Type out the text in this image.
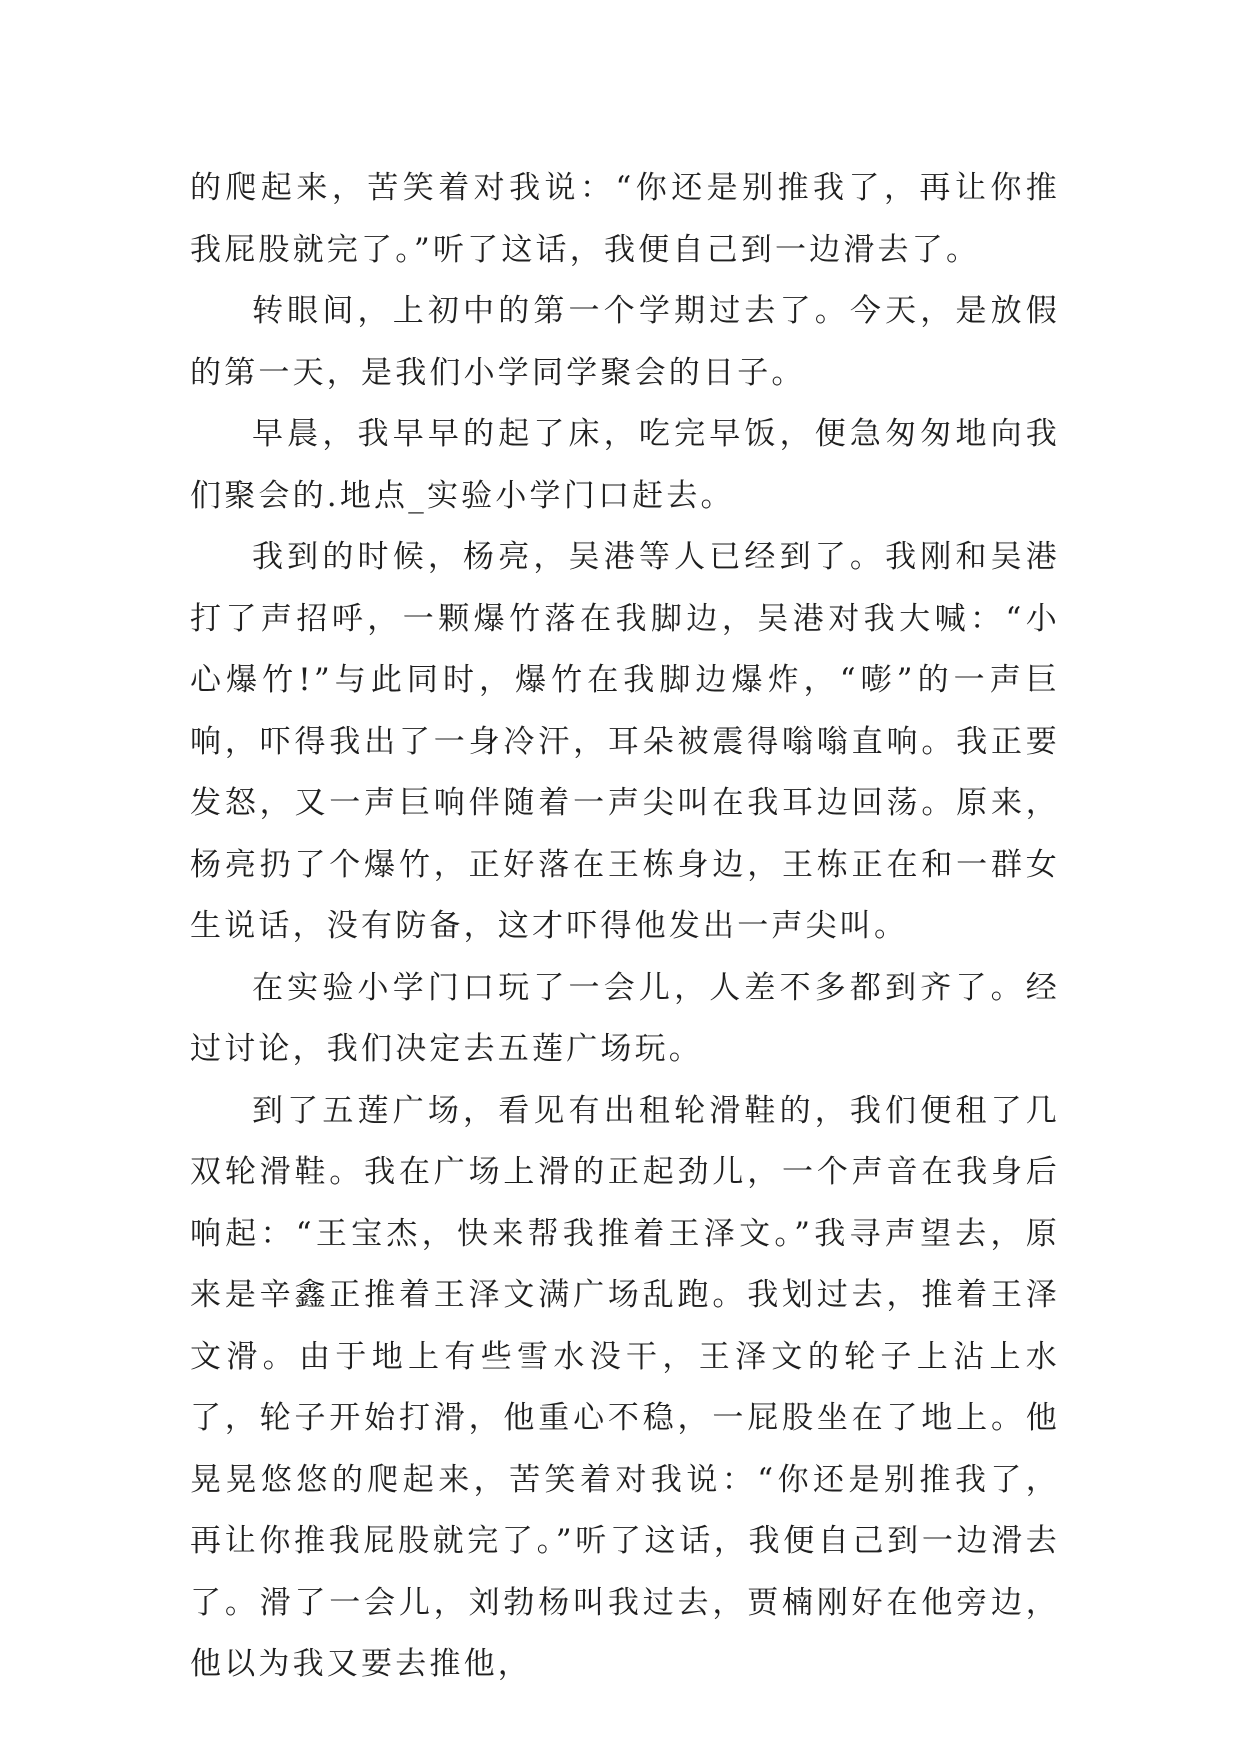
的爬起来，苦笑着对我说：“你还是别推我了，再让你推我屁股就完了。”听了这话，我便自己到一边滑去了。

转眼间，上初中的第一个学期过去了。今天，是放假的第一天，是我们小学同学聚会的日子。

早晨，我早早的起了床，吃完早饭，便急匆匆地向我们聚会的.地点_实验小学门口赶去。

我到的时候，杨亮，吴港等人已经到了。我刚和吴港打了声招呼，一颗爆竹落在我脚边，吴港对我大喊：“小心爆竹!”与此同时，爆竹在我脚边爆炸，“嘭”的一声巨响，吓得我出了一身冷汗，耳朵被震得嗡嗡直响。我正要发怒，又一声巨响伴随着一声尖叫在我耳边回荡。原来，杨亮扔了个爆竹，正好落在王栋身边，王栋正在和一群女生说话，没有防备，这才吓得他发出一声尖叫。

在实验小学门口玩了一会儿，人差不多都到齐了。经过讨论，我们决定去五莲广场玩。

到了五莲广场，看见有出租轮滑鞋的，我们便租了几双轮滑鞋。我在广场上滑的正起劲儿，一个声音在我身后响起：“王宝杰，快来帮我推着王泽文。”我寻声望去，原来是辛鑫正推着王泽文满广场乱跑。我划过去，推着王泽文滑。由于地上有些雪水没干，王泽文的轮子上沾上水了，轮子开始打滑，他重心不稳，一屁股坐在了地上。他晃晃悠悠的爬起来，苦笑着对我说：“你还是别推我了，再让你推我屁股就完了。”听了这话，我便自己到一边滑去了。滑了一会儿，刘勃杨叫我过去，贾楠刚好在他旁边，他以为我又要去推他，
